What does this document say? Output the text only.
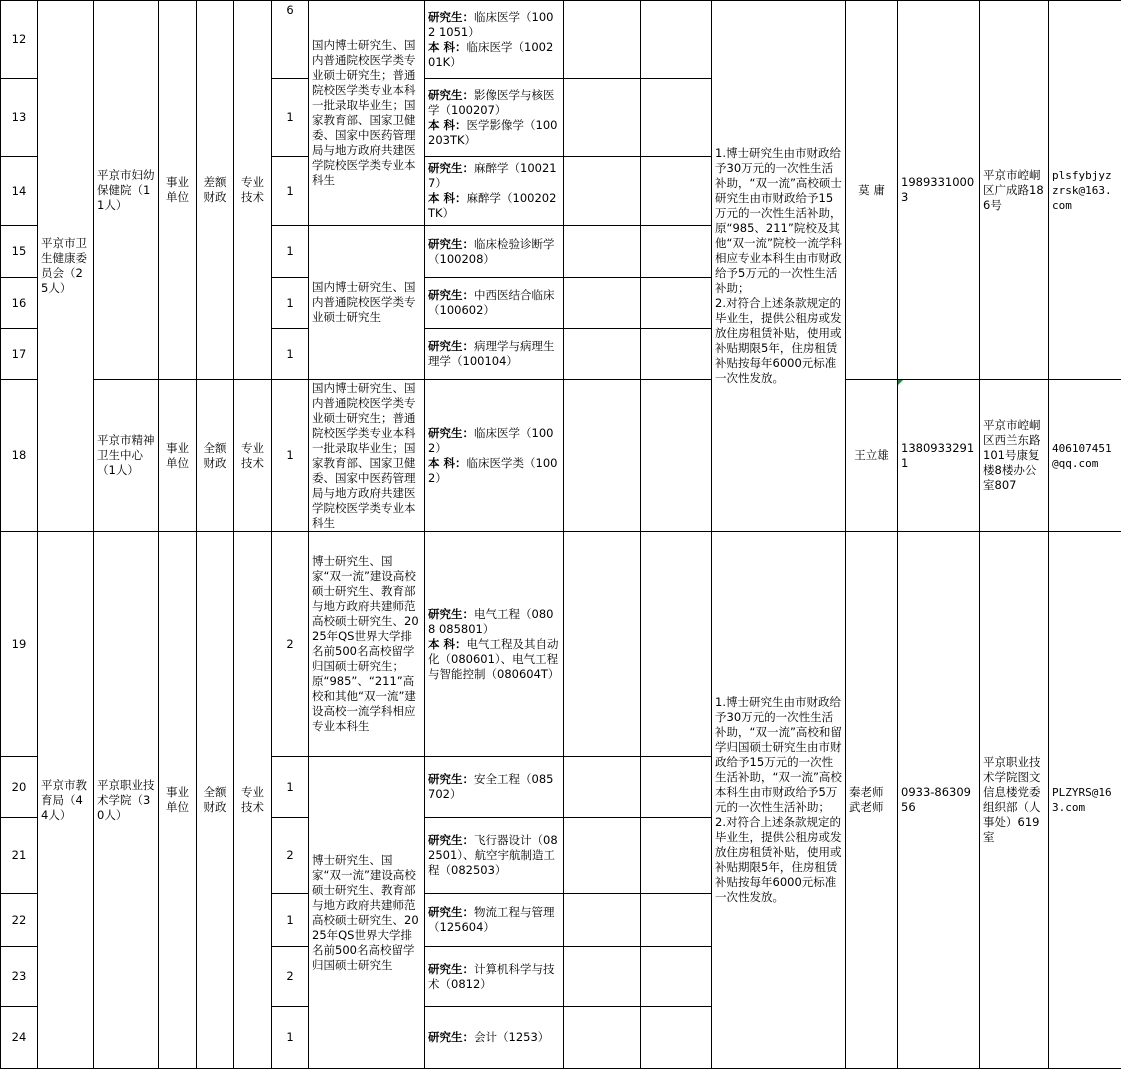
12	平京市卫生健康委员会（25人）	平京市妇幼保健院（11人）	事业单位	差额财政	专业技术	6	国内博士研究生、国内普通院校医学类专业硕士研究生；普通院校医学类专业本科一批录取毕业生；国家教育部、国家卫健委、国家中医药管理局与地方政府共建医学院校医学类专业本科生	研究生：临床医学（1002 1051）
本 科：临床医学（100201K）			1.博士研究生由市财政给予30万元的一次性生活补助，“双一流”高校硕士研究生由市财政给予15万元的一次性生活补助，原“985、211”院校及其他“双一流”院校一流学科相应专业本科生由市财政给予5万元的一次性生活补助；
2.对符合上述条款规定的毕业生，提供公租房或发放住房租赁补贴，使用或补贴期限5年，住房租赁补贴按每年6000元标准一次性发放。	莫 庸	19893310003	平京市崆峒区广成路186号	plsfybjyzzrsk@163.com
13						1		研究生：影像医学与核医学（100207）
本 科：医学影像学（100203TK）							
14						1		研究生：麻醉学（100217）
本 科：麻醉学（100202TK）							
15						1	国内博士研究生、国内普通院校医学类专业硕士研究生	研究生：临床检验诊断学（100208）							
16						1		研究生：中西医结合临床（100602）							
17						1		研究生：病理学与病理生理学（100104）							
18		平京市精神卫生中心（1人）	事业单位	全额财政	专业技术	1	国内博士研究生、国内普通院校医学类专业硕士研究生；普通院校医学类专业本科一批录取毕业生；国家教育部、国家卫健委、国家中医药管理局与地方政府共建医学院校医学类专业本科生	研究生：临床医学（1002）
本 科：临床医学类（1002）				王立雄	13809332911	平京市崆峒区西兰东路101号康复楼8楼办公室807	406107451@qq.com
19	平京市教育局（44人）	平京职业技术学院（30人）	事业单位	全额财政	专业技术	2	博士研究生、国家“双一流”建设高校硕士研究生、教育部与地方政府共建师范高校硕士研究生、2025年QS世界大学排名前500名高校留学归国硕士研究生；原“985”、“211”高校和其他“双一流”建设高校一流学科相应专业本科生	研究生：电气工程（0808 085801）
本 科：电气工程及其自动化（080601）、电气工程与智能控制（080604T）			1.博士研究生由市财政给予30万元的一次性生活补助，“双一流”高校和留学归国硕士研究生由市财政给予15万元的一次性生活补助，“双一流”高校本科生由市财政给予5万元的一次性生活补助；
2.对符合上述条款规定的毕业生，提供公租房或发放住房租赁补贴，使用或补贴期限5年，住房租赁补贴按每年6000元标准一次性发放。	秦老师 武老师	0933-8630956	平京职业技术学院图文信息楼党委组织部（人事处）619室	PLZYRS@163.com
20						1	博士研究生、国家“双一流”建设高校硕士研究生、教育部与地方政府共建师范高校硕士研究生、2025年QS世界大学排名前500名高校留学归国硕士研究生	研究生：安全工程（085702）							
21						2		研究生：飞行器设计（082501）、航空宇航制造工程（082503）							
22						1		研究生：物流工程与管理（125604）							
23						2		研究生：计算机科学与技术（0812）							
24						1		研究生：会计（1253）							
